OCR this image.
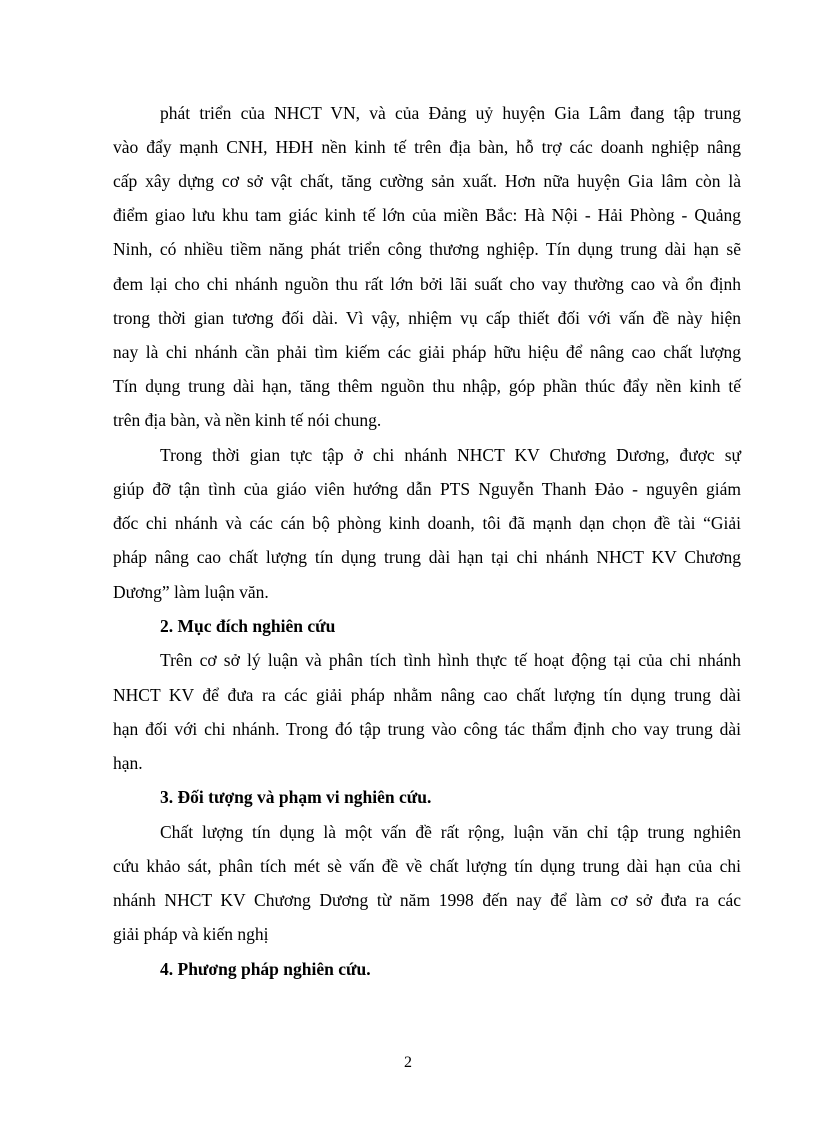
phát triển của NHCT VN, và của Đảng uỷ huyện Gia Lâm đang tập trung
vào đẩy mạnh CNH, HĐH nền kinh tế trên địa bàn, hỗ trợ các doanh nghiệp nâng
cấp xây dựng cơ sở vật chất, tăng cường sản xuất. Hơn nữa huyện Gia lâm còn là
điểm giao lưu khu tam giác kinh tế lớn của miền Bắc: Hà Nội - Hải Phòng - Quảng
Ninh, có nhiều tiềm năng phát triển công thương nghiệp. Tín dụng trung dài hạn sẽ
đem lại cho chi nhánh nguồn thu rất lớn bởi lãi suất cho vay thường cao và ổn định
trong thời gian tương đối dài. Vì vậy, nhiệm vụ cấp thiết đối với vấn đề này hiện
nay là chi nhánh cần phải tìm kiếm các giải pháp hữu hiệu để nâng cao chất lượng
Tín dụng trung dài hạn, tăng thêm nguồn thu nhập, góp phần thúc đẩy nền kinh tế
trên địa bàn, và nền kinh tế nói chung.
Trong thời gian tực tập ở chi nhánh NHCT KV Chương Dương, được sự
giúp đỡ tận tình của giáo viên hướng dẫn PTS Nguyễn Thanh Đảo - nguyên giám
đốc chi nhánh và các cán bộ phòng kinh doanh, tôi đã mạnh dạn chọn đề tài “Giải
pháp nâng cao chất lượng tín dụng trung dài hạn tại chi nhánh NHCT KV Chương
Dương” làm luận văn.
2. Mục đích nghiên cứu
Trên cơ sở lý luận và phân tích tình hình thực tế hoạt động tại của chi nhánh
NHCT KV để đưa ra các giải pháp nhằm nâng cao chất lượng tín dụng trung dài
hạn đối với chi nhánh. Trong đó tập trung vào công tác thẩm định cho vay trung dài
hạn.
3. Đối tượng và phạm vi nghiên cứu.
Chất lượng tín dụng là một vấn đề rất rộng, luận văn chỉ tập trung nghiên
cứu khảo sát, phân tích mét sè vấn đề về chất lượng tín dụng trung dài hạn của chi
nhánh NHCT KV Chương Dương từ năm 1998 đến nay để làm cơ sở đưa ra các
giải pháp và kiến nghị
4. Phương pháp nghiên cứu.
2
